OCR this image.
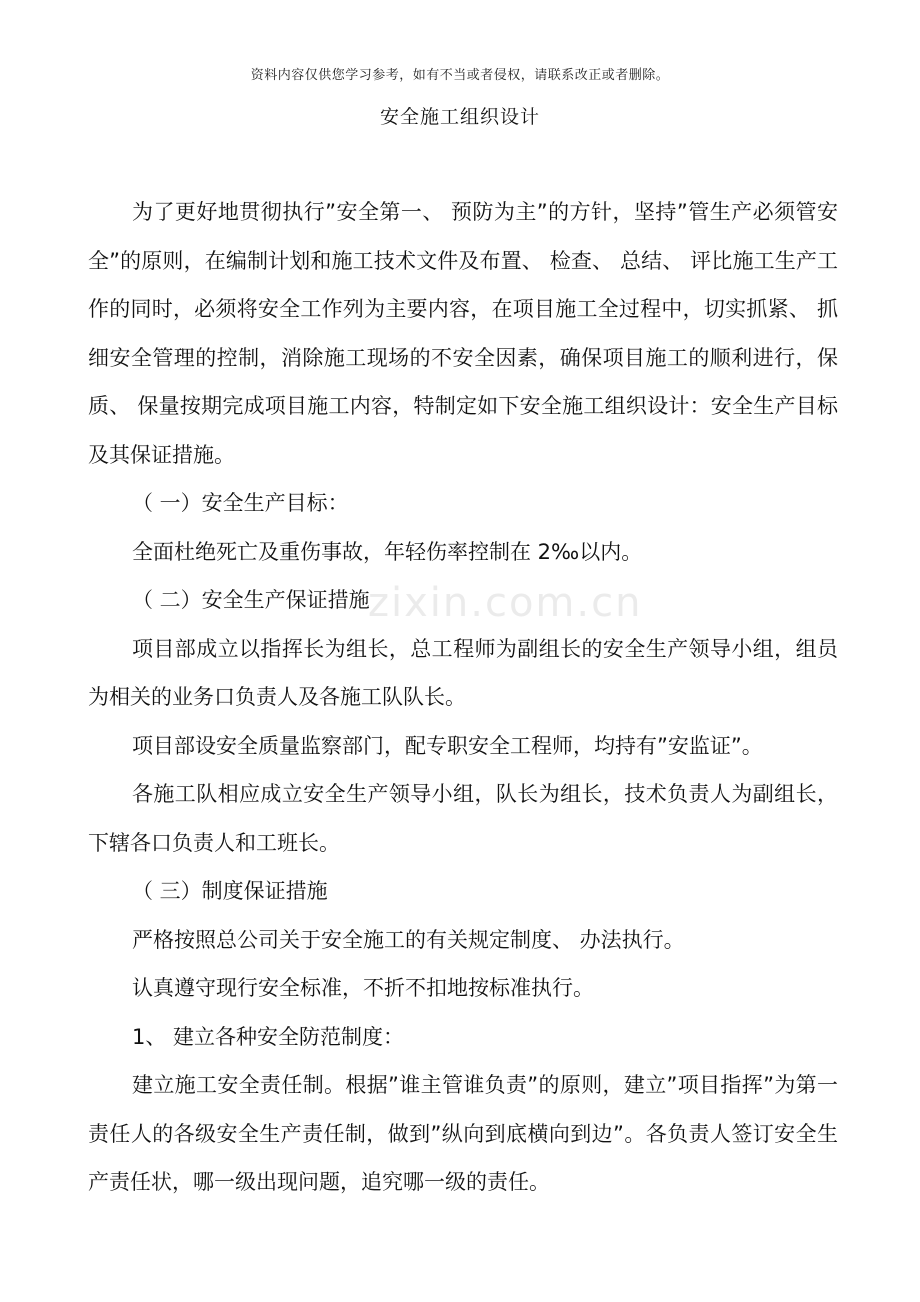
资料内容仅供您学习参考，如有不当或者侵权，请联系改正或者删除。
安全施工组织设计
zixin.com.cn

为了更好地贯彻执行”安全第一、 预防为主”的方针，坚持”管生产必须管安全”的原则，在编制计划和施工技术文件及布置、 检查、 总结、 评比施工生产工作的同时，必须将安全工作列为主要内容，在项目施工全过程中，切实抓紧、 抓细安全管理的控制，消除施工现场的不安全因素，确保项目施工的顺利进行，保质、 保量按期完成项目施工内容，特制定如下安全施工组织设计：安全生产目标及其保证措施。

（ 一）安全生产目标：

全面杜绝死亡及重伤事故，年轻伤率控制在 2‰以内。

（ 二）安全生产保证措施

项目部成立以指挥长为组长，总工程师为副组长的安全生产领导小组，组员为相关的业务口负责人及各施工队队长。

项目部设安全质量监察部门，配专职安全工程师，均持有”安监证”。

各施工队相应成立安全生产领导小组，队长为组长，技术负责人为副组长，下辖各口负责人和工班长。

（ 三）制度保证措施

严格按照总公司关于安全施工的有关规定制度、 办法执行。

认真遵守现行安全标准，不折不扣地按标准执行。

1、 建立各种安全防范制度：

建立施工安全责任制。根据”谁主管谁负责”的原则，建立”项目指挥”为第一责任人的各级安全生产责任制，做到”纵向到底横向到边”。各负责人签订安全生产责任状，哪一级出现问题，追究哪一级的责任。
